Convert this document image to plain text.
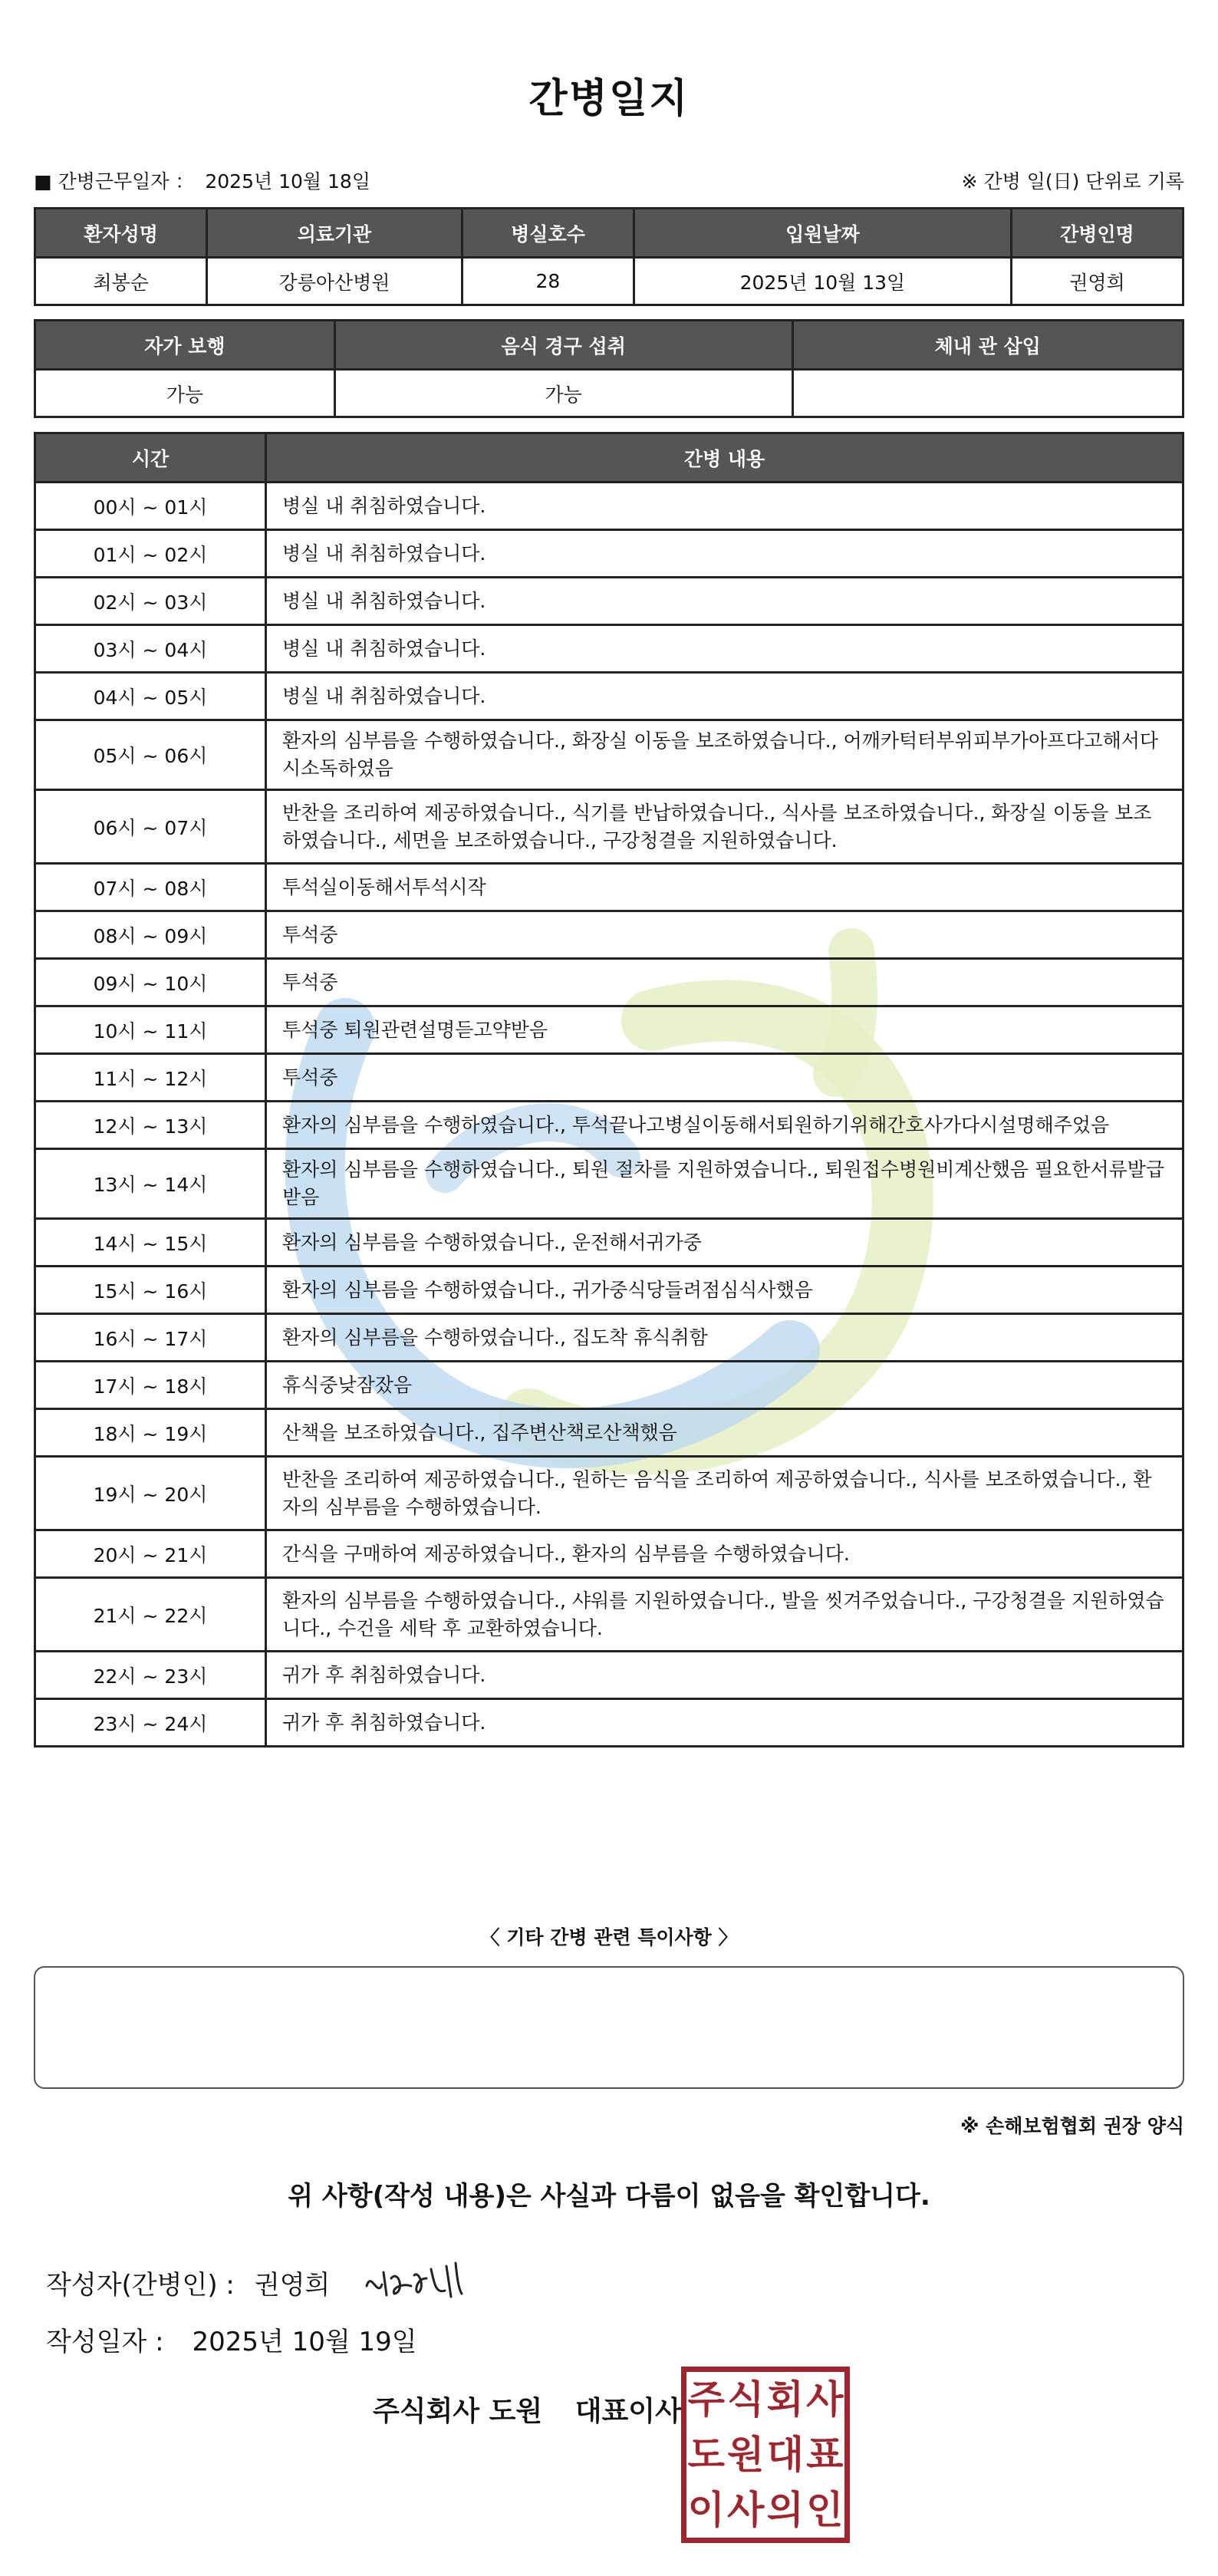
간병일지
■ 간병근무일자 ： 2025년 10월 18일	※ 간병 일(日) 단위로 기록
환자성명	의료기관	병실호수	입원날짜	간병인명
최봉순	강릉아산병원	28	2025년 10월 13일	권영희
자가 보행	음식 경구 섭취	체내 관 삽입
가능	가능	
시간	간병 내용
00시 ~ 01시	병실 내 취침하였습니다.
01시 ~ 02시	병실 내 취침하였습니다.
02시 ~ 03시	병실 내 취침하였습니다.
03시 ~ 04시	병실 내 취침하였습니다.
04시 ~ 05시	병실 내 취침하였습니다.
05시 ~ 06시	환자의 심부름을 수행하였습니다., 화장실 이동을 보조하였습니다., 어깨카턱터부위피부가아프다고해서다시소독하였음
06시 ~ 07시	반찬을 조리하여 제공하였습니다., 식기를 반납하였습니다., 식사를 보조하였습니다., 화장실 이동을 보조하였습니다., 세면을 보조하였습니다., 구강청결을 지원하였습니다.
07시 ~ 08시	투석실이동해서투석시작
08시 ~ 09시	투석중
09시 ~ 10시	투석중
10시 ~ 11시	투석중 퇴원관련설명듣고약받음
11시 ~ 12시	투석중
12시 ~ 13시	환자의 심부름을 수행하였습니다., 투석끝나고병실이동해서퇴원하기위해간호사가다시설명해주었음
13시 ~ 14시	환자의 심부름을 수행하였습니다., 퇴원 절차를 지원하였습니다., 퇴원접수병원비계산했음 필요한서류발급받음
14시 ~ 15시	환자의 심부름을 수행하였습니다., 운전해서귀가중
15시 ~ 16시	환자의 심부름을 수행하였습니다., 귀가중식당들려점심식사했음
16시 ~ 17시	환자의 심부름을 수행하였습니다., 집도착 휴식취함
17시 ~ 18시	휴식중낮잠잤음
18시 ~ 19시	산책을 보조하였습니다., 집주변산책로산책했음
19시 ~ 20시	반찬을 조리하여 제공하였습니다., 원하는 음식을 조리하여 제공하였습니다., 식사를 보조하였습니다., 환자의 심부름을 수행하였습니다.
20시 ~ 21시	간식을 구매하여 제공하였습니다., 환자의 심부름을 수행하였습니다.
21시 ~ 22시	환자의 심부름을 수행하였습니다., 샤워를 지원하였습니다., 발을 씻겨주었습니다., 구강청결을 지원하였습니다., 수건을 세탁 후 교환하였습니다.
22시 ~ 23시	귀가 후 취침하였습니다.
23시 ~ 24시	귀가 후 취침하였습니다.
〈 기타 간병 관련 특이사항 〉
※ 손해보험협회 권장 양식
위 사항(작성 내용)은 사실과 다름이 없음을 확인합니다.
작성자(간병인) : 권영희
작성일자 : 2025년 10월 19일
주식회사 도원 대표이사 주 식 회 사
도 원 대 표
이 사 의 인
